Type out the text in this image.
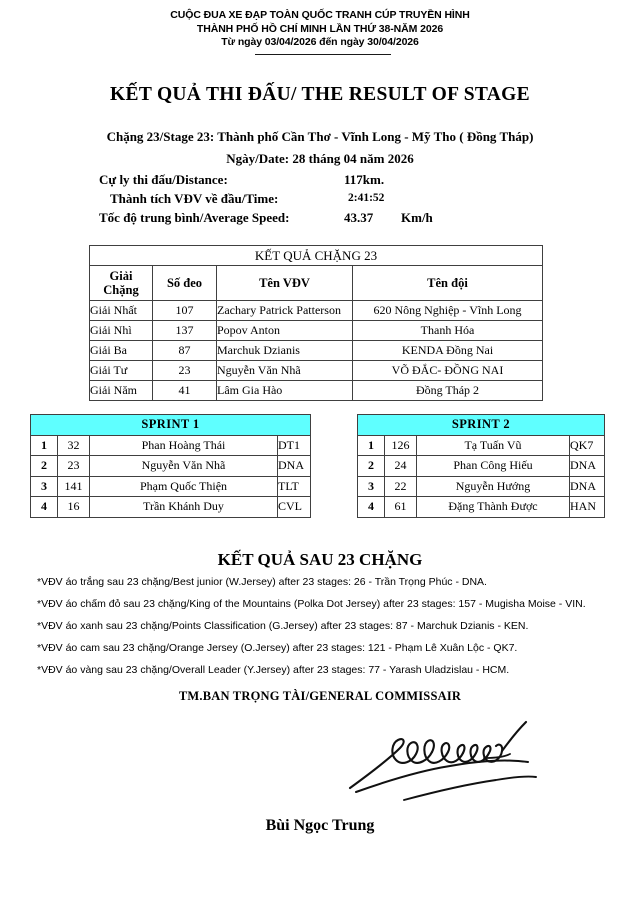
CUỘC ĐUA XE ĐẠP TOÀN QUỐC TRANH CÚP TRUYỀN HÌNH
THÀNH PHỐ HỒ CHÍ MINH LẦN THỨ 38-NĂM 2026
Từ ngày 03/04/2026 đến ngày 30/04/2026
KẾT QUẢ THI ĐẤU/ THE RESULT OF STAGE
Chặng 23/Stage 23: Thành phố Cần Thơ - Vĩnh Long - Mỹ Tho ( Đồng Tháp)
Ngày/Date: 28 tháng 04 năm 2026
Cự ly thi đấu/Distance:	117km.
Thành tích VĐV về đầu/Time:	2:41:52
Tốc độ trung bình/Average Speed:	43.37 Km/h
KẾT QUẢ CHẶNG 23			
Giải
Chặng	Số đeo	Tên VĐV	Tên đội
Giải Nhất	107	Zachary Patrick Patterson	620 Nông Nghiệp - Vĩnh Long
Giải Nhì	137	Popov Anton	Thanh Hóa
Giải Ba	87	Marchuk Dzianis	KENDA Đồng Nai
Giải Tư	23	Nguyễn Văn Nhã	VÕ ĐẮC- ĐỒNG NAI
Giải Năm	41	Lâm Gia Hào	Đồng Tháp 2
SPRINT 1			
1	32	Phan Hoàng Thái	DT1
2	23	Nguyễn Văn Nhã	DNA
3	141	Phạm Quốc Thiện	TLT
4	16	Trần Khánh Duy	CVL
SPRINT 2			
1	126	Tạ Tuấn Vũ	QK7
2	24	Phan Công Hiếu	DNA
3	22	Nguyễn Hướng	DNA
4	61	Đặng Thành Được	HAN
KẾT QUẢ SAU 23 CHẶNG
*VĐV áo trắng sau 23 chặng/Best junior (W.Jersey) after 23 stages: 26 - Trần Trọng Phúc - DNA.
*VĐV áo chấm đỏ sau 23 chặng/King of the Mountains (Polka Dot Jersey) after 23 stages: 157 - Mugisha Moise - VIN.
*VĐV áo xanh sau 23 chặng/Points Classification (G.Jersey) after 23 stages: 87 - Marchuk Dzianis - KEN.
*VĐV áo cam sau 23 chặng/Orange Jersey (O.Jersey) after 23 stages: 121 - Phạm Lê Xuân Lộc - QK7.
*VĐV áo vàng sau 23 chặng/Overall Leader (Y.Jersey) after 23 stages: 77 - Yarash Uladzislau - HCM.
TM.BAN TRỌNG TÀI/GENERAL COMMISSAIR
Bùi Ngọc Trung
